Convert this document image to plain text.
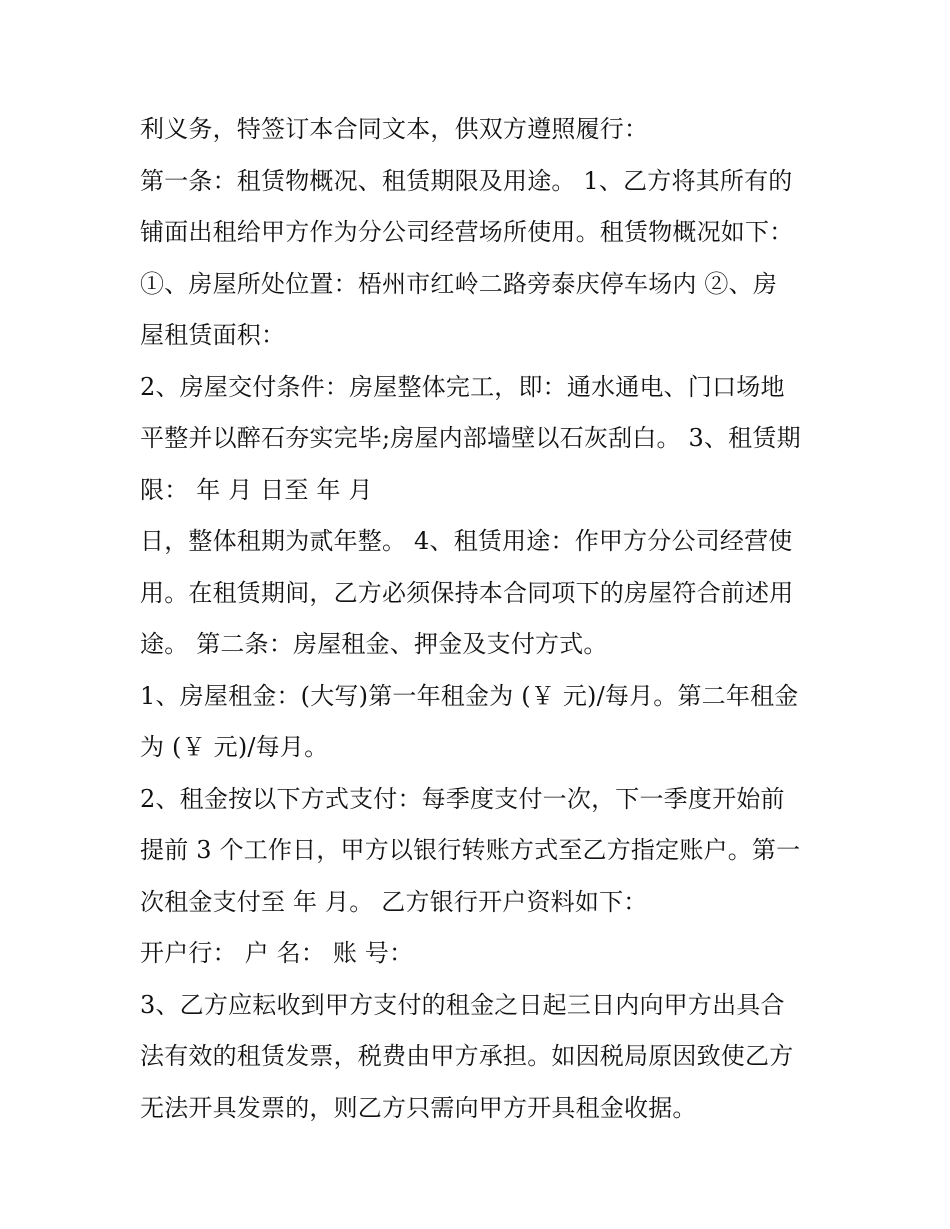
利义务，特签订本合同文本，供双方遵照履行：
第一条：租赁物概况、租赁期限及用途。 1、乙方将其所有的
铺面出租给甲方作为分公司经营场所使用。租赁物概况如下：
①、房屋所处位置：梧州市红岭二路旁泰庆停车场内 ②、房
屋租赁面积：
2、房屋交付条件：房屋整体完工，即：通水通电、门口场地
平整并以醉石夯实完毕;房屋内部墙壁以石灰刮白。 3、租赁期
限： 年 月 日至 年 月
日，整体租期为贰年整。 4、租赁用途：作甲方分公司经营使
用。在租赁期间，乙方必须保持本合同项下的房屋符合前述用
途。 第二条：房屋租金、押金及支付方式。
1、房屋租金：(大写)第一年租金为 (￥ 元)/每月。第二年租金
为 (￥ 元)/每月。
2、租金按以下方式支付：每季度支付一次，下一季度开始前
提前 3 个工作日，甲方以银行转账方式至乙方指定账户。第一
次租金支付至 年 月。 乙方银行开户资料如下：
开户行： 户 名： 账 号：
3、乙方应耘收到甲方支付的租金之日起三日内向甲方出具合
法有效的租赁发票，税费由甲方承担。如因税局原因致使乙方
无法开具发票的，则乙方只需向甲方开具租金收据。
